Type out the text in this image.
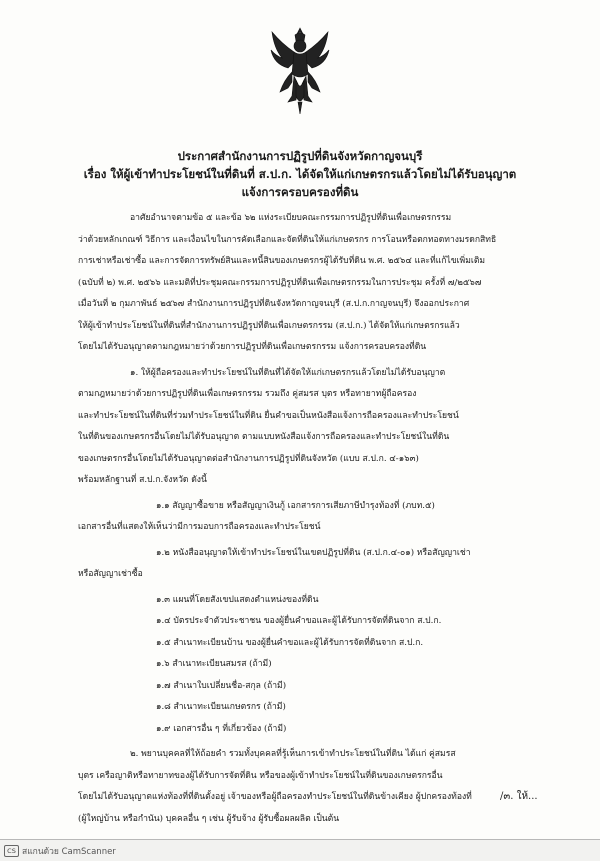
ประกาศสำนักงานการปฏิรูปที่ดินจังหวัดกาญจนบุรี
เรื่อง ให้ผู้เข้าทำประโยชน์ในที่ดินที่ ส.ป.ก. ได้จัดให้แก่เกษตรกรแล้วโดยไม่ได้รับอนุญาต
แจ้งการครอบครองที่ดิน
อาศัยอำนาจตามข้อ ๕ และข้อ ๖๒ แห่งระเบียบคณะกรรมการปฏิรูปที่ดินเพื่อเกษตรกรรม
ว่าด้วยหลักเกณฑ์ วิธีการ และเงื่อนไขในการคัดเลือกและจัดที่ดินให้แก่เกษตรกร การโอนหรือตกทอดทางมรดกสิทธิ
การเช่าหรือเช่าซื้อ และการจัดการทรัพย์สินและหนี้สินของเกษตรกรผู้ได้รับที่ดิน พ.ศ. ๒๕๖๔ และที่แก้ไขเพิ่มเติม
(ฉบับที่ ๒) พ.ศ. ๒๕๖๖ และมติที่ประชุมคณะกรรมการปฏิรูปที่ดินเพื่อเกษตรกรรมในการประชุม ครั้งที่ ๗/๒๕๖๗
เมื่อวันที่ ๒ กุมภาพันธ์ ๒๕๖๗ สำนักงานการปฏิรูปที่ดินจังหวัดกาญจนบุรี (ส.ป.ก.กาญจนบุรี) จึงออกประกาศ
ให้ผู้เข้าทำประโยชน์ในที่ดินที่สำนักงานการปฏิรูปที่ดินเพื่อเกษตรกรรม (ส.ป.ก.) ได้จัดให้แก่เกษตรกรแล้ว
โดยไม่ได้รับอนุญาตตามกฎหมายว่าด้วยการปฏิรูปที่ดินเพื่อเกษตรกรรม แจ้งการครอบครองที่ดิน
๑. ให้ผู้ถือครองและทำประโยชน์ในที่ดินที่ได้จัดให้แก่เกษตรกรแล้วโดยไม่ได้รับอนุญาต
ตามกฎหมายว่าด้วยการปฏิรูปที่ดินเพื่อเกษตรกรรม รวมถึง คู่สมรส บุตร หรือทายาทผู้ถือครอง
และทำประโยชน์ในที่ดินที่ร่วมทำประโยชน์ในที่ดิน ยื่นคำขอเป็นหนังสือแจ้งการถือครองและทำประโยชน์
ในที่ดินของเกษตรกรอื่นโดยไม่ได้รับอนุญาต ตามแบบหนังสือแจ้งการถือครองและทำประโยชน์ในที่ดิน
ของเกษตรกรอื่นโดยไม่ได้รับอนุญาตต่อสำนักงานการปฏิรูปที่ดินจังหวัด (แบบ ส.ป.ก. ๔-๑๖๓)
พร้อมหลักฐานที่ ส.ป.ก.จังหวัด ดังนี้
๑.๑ สัญญาซื้อขาย หรือสัญญาเงินกู้ เอกสารการเสียภาษีบำรุงท้องที่ (ภบท.๕)
เอกสารอื่นที่แสดงให้เห็นว่ามีการมอบการถือครองและทำประโยชน์
๑.๒ หนังสืออนุญาตให้เข้าทำประโยชน์ในเขตปฏิรูปที่ดิน (ส.ป.ก.๔-๐๑) หรือสัญญาเช่า
หรือสัญญาเช่าซื้อ
๑.๓ แผนที่โดยสังเขปแสดงตำแหน่งของที่ดิน
๑.๔ บัตรประจำตัวประชาชน ของผู้ยื่นคำขอและผู้ได้รับการจัดที่ดินจาก ส.ป.ก.
๑.๕ สำเนาทะเบียนบ้าน ของผู้ยื่นคำขอและผู้ได้รับการจัดที่ดินจาก ส.ป.ก.
๑.๖ สำเนาทะเบียนสมรส (ถ้ามี)
๑.๗ สำเนาใบเปลี่ยนชื่อ-สกุล (ถ้ามี)
๑.๘ สำเนาทะเบียนเกษตรกร (ถ้ามี)
๑.๙ เอกสารอื่น ๆ ที่เกี่ยวข้อง (ถ้ามี)
๒. พยานบุคคลที่ให้ถ้อยคำ รวมทั้งบุคคลที่รู้เห็นการเข้าทำประโยชน์ในที่ดิน ได้แก่ คู่สมรส
บุตร เครือญาติหรือทายาทของผู้ได้รับการจัดที่ดิน หรือของผู้เข้าทำประโยชน์ในที่ดินของเกษตรกรอื่น
โดยไม่ได้รับอนุญาตแห่งท้องที่ที่ดินตั้งอยู่ เจ้าของหรือผู้ถือครองทำประโยชน์ในที่ดินข้างเคียง ผู้ปกครองท้องที่
(ผู้ใหญ่บ้าน หรือกำนัน) บุคคลอื่น ๆ เช่น ผู้รับจ้าง ผู้รับซื้อผลผลิต เป็นต้น
/๓. ให้...
CS สแกนด้วย CamScanner
